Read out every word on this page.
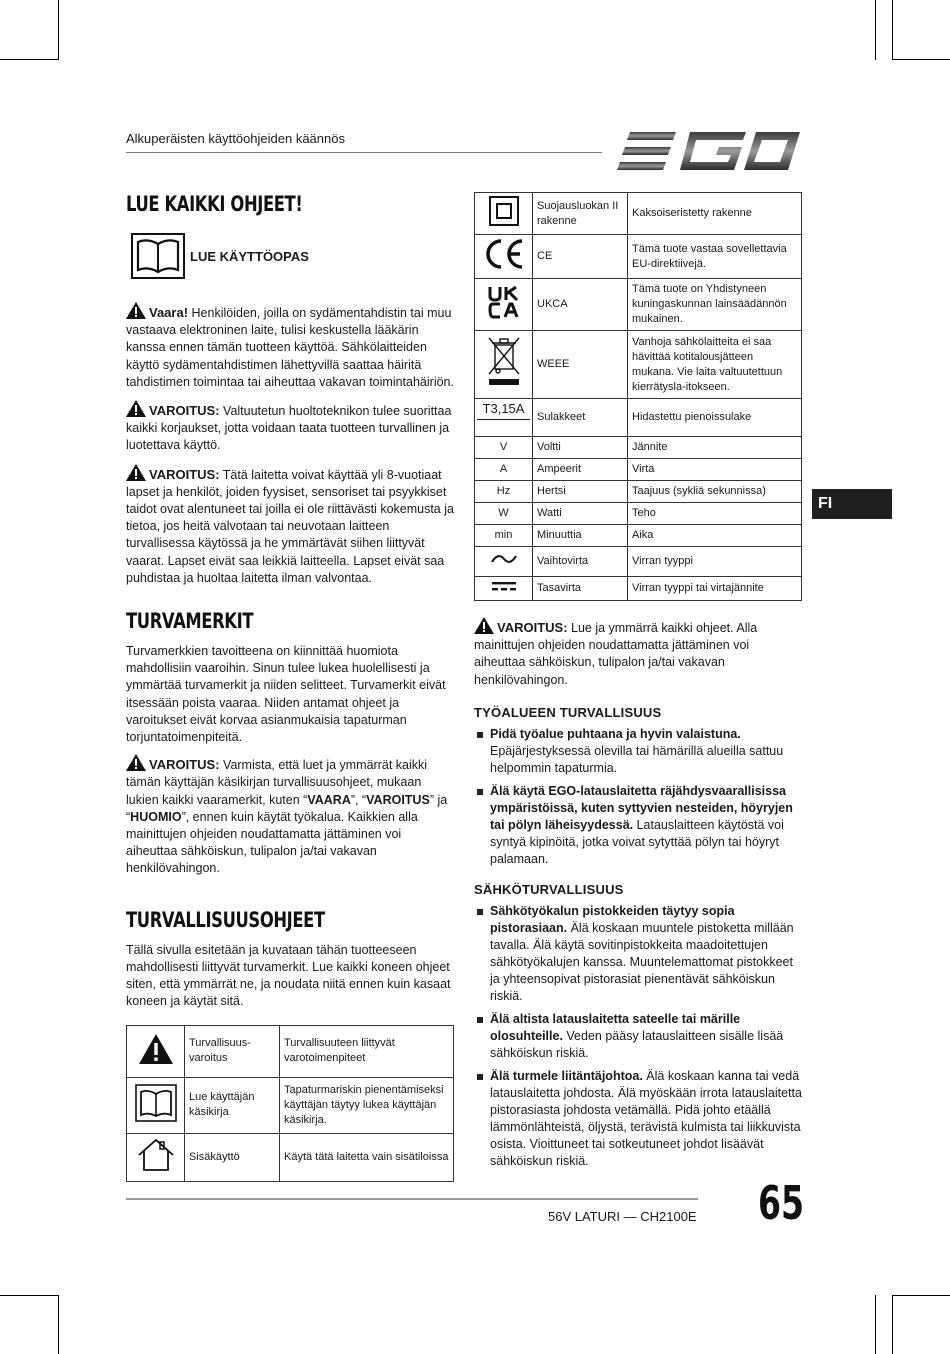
Alkuperäisten käyttöohjeiden käännös
FI
LUE KAIKKI OHJEET!
LUE KÄYTTÖOPAS

Vaara! Henkilöiden, joilla on sydämentahdistin tai muu vastaava elektroninen laite, tulisi keskustella lääkärin kanssa ennen tämän tuotteen käyttöä. Sähkölaitteiden käyttö sydämentahdistimen lähettyvillä saattaa häiritä tahdistimen toimintaa tai aiheuttaa vakavan toimintahäiriön.

VAROITUS: Valtuutetun huoltoteknikon tulee suorittaa kaikki korjaukset, jotta voidaan taata tuotteen turvallinen ja luotettava käyttö.

VAROITUS: Tätä laitetta voivat käyttää yli 8-vuotiaat lapset ja henkilöt, joiden fyysiset, sensoriset tai psyykkiset taidot ovat alentuneet tai joilla ei ole riittävästi kokemusta ja tietoa, jos heitä valvotaan tai neuvotaan laitteen turvallisessa käytössä ja he ymmärtävät siihen liittyvät vaarat. Lapset eivät saa leikkiä laitteella. Lapset eivät saa puhdistaa ja huoltaa laitetta ilman valvontaa.

TURVAMERKIT

Turvamerkkien tavoitteena on kiinnittää huomiota mahdollisiin vaaroihin. Sinun tulee lukea huolellisesti ja ymmärtää turvamerkit ja niiden selitteet. Turvamerkit eivät itsessään poista vaaraa. Niiden antamat ohjeet ja varoitukset eivät korvaa asianmukaisia tapaturman torjuntatoimenpiteitä.

VAROITUS: Varmista, että luet ja ymmärrät kaikki tämän käyttäjän käsikirjan turvallisuusohjeet, mukaan lukien kaikki vaaramerkit, kuten “VAARA”, “VAROITUS” ja “HUOMIO”, ennen kuin käytät työkalua. Kaikkien alla mainittujen ohjeiden noudattamatta jättäminen voi aiheuttaa sähköiskun, tulipalon ja/tai vakavan henkilövahingon.

TURVALLISUUSOHJEET

Tällä sivulla esitetään ja kuvataan tähän tuotteeseen mahdollisesti liittyvät turvamerkit. Lue kaikki koneen ohjeet siten, että ymmärrät ne, ja noudata niitä ennen kuin kasaat koneen ja käytät sitä.

	Turvallisuus-varoitus	Turvallisuuteen liittyvät varotoimenpiteet
	Lue käyttäjän käsikirja	Tapaturmariskin pienentämiseksi käyttäjän täytyy lukea käyttäjän käsikirja.
	Sisäkäyttö	Käytä tätä laitetta vain sisätiloissa
	Suojausluokan II rakenne	Kaksoiseristetty rakenne
	CE	Tämä tuote vastaa sovellettavia EU-direktiivejä.
	UKCA	Tämä tuote on Yhdistyneen kuningaskunnan lainsäädännön mukainen.
	WEEE	Vanhoja sähkölaitteita ei saa hävittää kotitalousjätteen mukana. Vie laita valtuutettuun kierrätysla-itokseen.

T3,15A	Sulakkeet	Hidastettu pienoissulake
V	Voltti	Jännite
A	Ampeerit	Virta
Hz	Hertsi	Taajuus (sykliä sekunnissa)
W	Watti	Teho
min	Minuuttia	Aika
	Vaihtovirta	Virran tyyppi
	Tasavirta	Virran tyyppi tai virtajännite

VAROITUS: Lue ja ymmärrä kaikki ohjeet. Alla mainittujen ohjeiden noudattamatta jättäminen voi aiheuttaa sähköiskun, tulipalon ja/tai vakavan henkilövahingon.

TYÖALUEEN TURVALLISUUS
Pidä työalue puhtaana ja hyvin valaistuna. Epäjärjestyksessä olevilla tai hämärillä alueilla sattuu helpommin tapaturmia.
Älä käytä EGO-latauslaitetta räjähdysvaarallisissa ympäristöissä, kuten syttyvien nesteiden, höyryjen tai pölyn läheisyydessä. Latauslaitteen käytöstä voi syntyä kipinöitä, jotka voivat sytyttää pölyn tai höyryt palamaan.
SÄHKÖTURVALLISUUS
Sähkötyökalun pistokkeiden täytyy sopia pistorasiaan. Älä koskaan muuntele pistoketta millään tavalla. Älä käytä sovitinpistokkeita maadoitettujen sähkötyökalujen kanssa. Muuntelemattomat pistokkeet ja yhteensopivat pistorasiat pienentävät sähköiskun riskiä.
Älä altista latauslaitetta sateelle tai märille olosuhteille. Veden pääsy latauslaitteen sisälle lisää sähköiskun riskiä.
Älä turmele liitäntäjohtoa. Älä koskaan kanna tai vedä latauslaitetta johdosta. Älä myöskään irrota latauslaitetta pistorasiasta johdosta vetämällä. Pidä johto etäällä lämmönlähteistä, öljystä, terävistä kulmista tai liikkuvista osista. Vioittuneet tai sotkeutuneet johdot lisäävät sähköiskun riskiä.
56V LATURI — CH2100E 65
